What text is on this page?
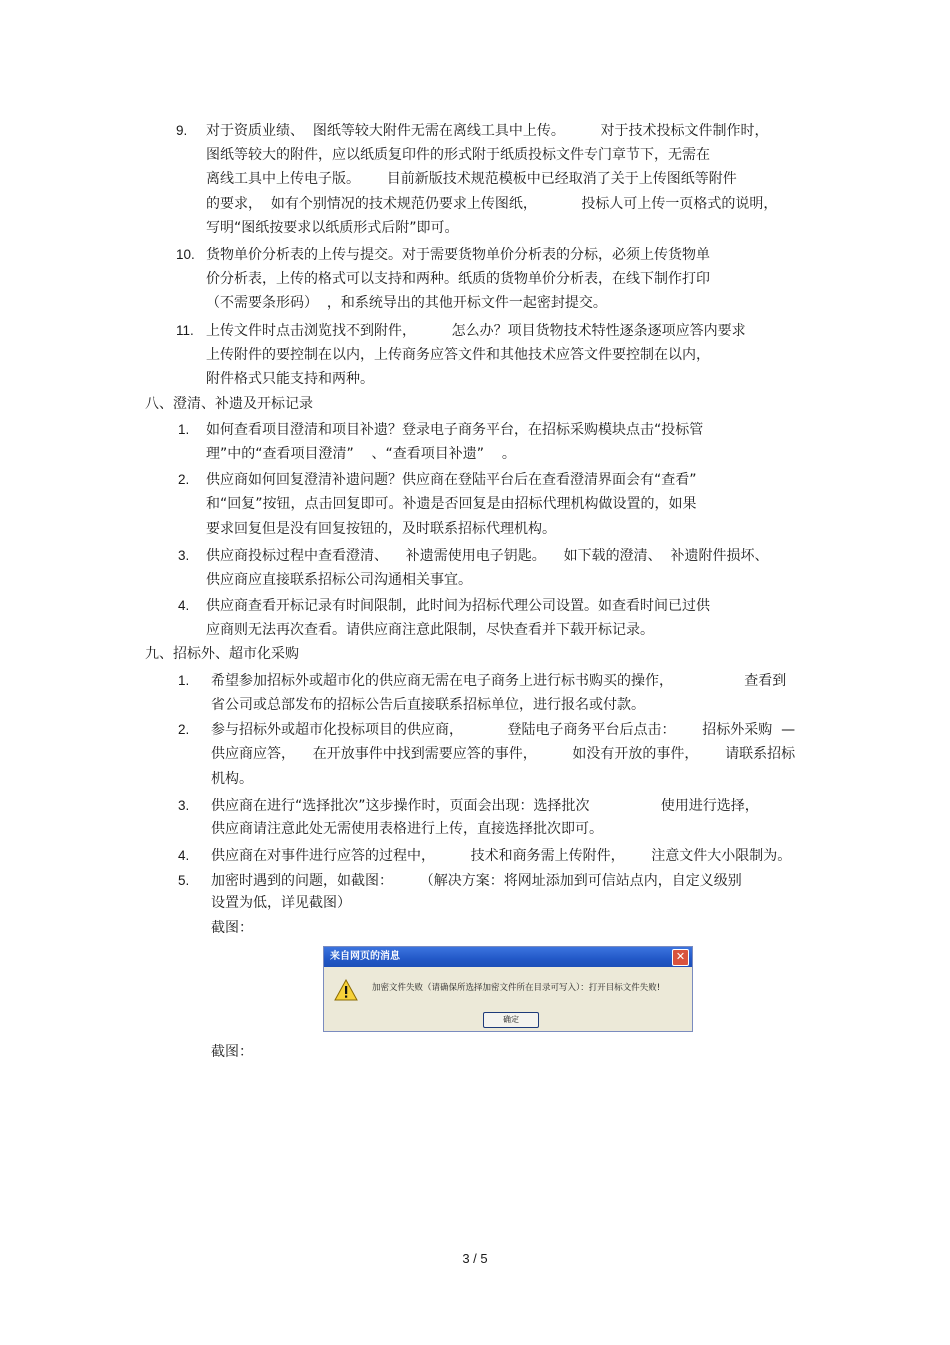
9. 对于资质业绩、  图纸等较大附件无需在离线工具中上传。        对于技术投标文件制作时，
图纸等较大的附件，应以纸质复印件的形式附于纸质投标文件专门章节下，无需在
离线工具中上传电子版。      目前新版技术规范模板中已经取消了关于上传图纸等附件
的要求，  如有个别情况的技术规范仍要求上传图纸，          投标人可上传一页格式的说明，
写明“图纸按要求以纸质形式后附”即可。
10. 货物单价分析表的上传与提交。对于需要货物单价分析表的分标，必须上传货物单
价分析表，上传的格式可以支持和两种。纸质的货物单价分析表，在线下制作打印
（不需要条形码）  ，和系统导出的其他开标文件一起密封提交。
11. 上传文件时点击浏览找不到附件，        怎么办？项目货物技术特性逐条逐项应答内要求
上传附件的要控制在以内，上传商务应答文件和其他技术应答文件要控制在以内，
附件格式只能支持和两种。
八、澄清、补遗及开标记录
1. 如何查看项目澄清和项目补遗？登录电子商务平台，在招标采购模块点击“投标管
理”中的“查看项目澄清”    、“查看项目补遗”    。
2. 供应商如何回复澄清补遗问题？供应商在登陆平台后在查看澄清界面会有“查看”
和“回复”按钮，点击回复即可。补遗是否回复是由招标代理机构做设置的，如果
要求回复但是没有回复按钮的，及时联系招标代理机构。
3. 供应商投标过程中查看澄清、    补遗需使用电子钥匙。    如下载的澄清、  补遗附件损坏、
供应商应直接联系招标公司沟通相关事宜。
4. 供应商查看开标记录有时间限制，此时间为招标代理公司设置。如查看时间已过供
应商则无法再次查看。请供应商注意此限制，尽快查看并下载开标记录。
九、招标外、超市化采购
1. 希望参加招标外或超市化的供应商无需在电子商务上进行标书购买的操作，                查看到
省公司或总部发布的招标公告后直接联系招标单位，进行报名或付款。
2. 参与招标外或超市化投标项目的供应商，          登陆电子商务平台后点击：      招标外采购  —
供应商应答，    在开放事件中找到需要应答的事件，        如没有开放的事件，      请联系招标
机构。
3. 供应商在进行“选择批次”这步操作时，页面会出现：选择批次                使用进行选择，
供应商请注意此处无需使用表格进行上传，直接选择批次即可。
4. 供应商在对事件进行应答的过程中，        技术和商务需上传附件，      注意文件大小限制为。
5. 加密时遇到的问题，如截图：      （解决方案：将网址添加到可信站点内，自定义级别
设置为低，详见截图）
截图：
来自网页的消息	✕
加密文件失败（请确保所选择加密文件所在目录可写入）：打开目标文件失败!
确定
截图：
3 / 5
